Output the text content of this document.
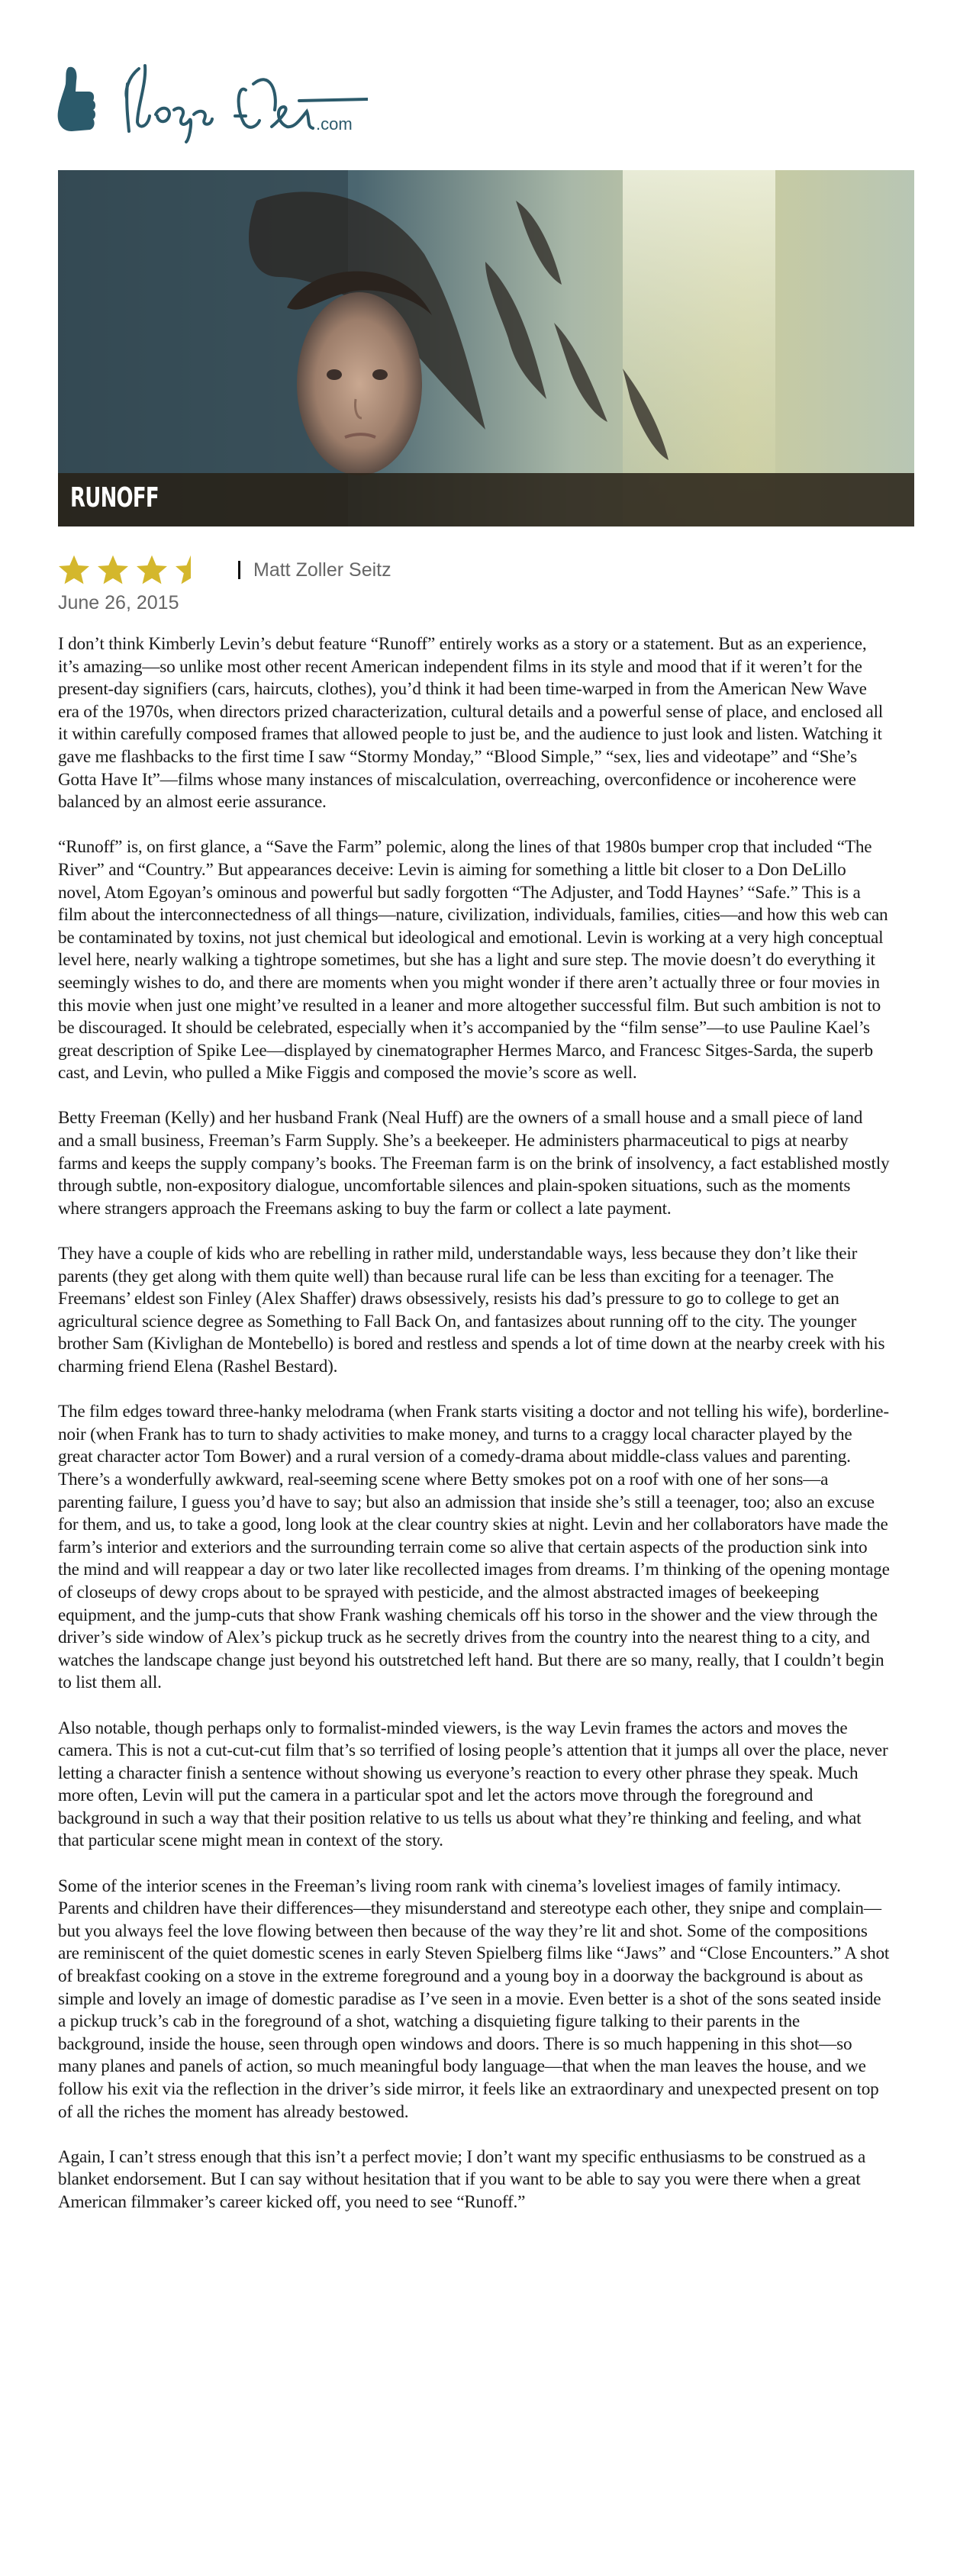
.com
RUNOFF
Matt Zoller Seitz
June 26, 2015

I don’t think Kimberly Levin’s debut feature “Runoff” entirely works as a story or a statement. But as an experience, it’s amazing—so unlike most other recent American independent films in its style and mood that if it weren’t for the present-day signifiers (cars, haircuts, clothes), you’d think it had been time-warped in from the American New Wave era of the 1970s, when directors prized characterization, cultural details and a powerful sense of place, and enclosed all it within carefully composed frames that allowed people to just be, and the audience to just look and listen. Watching it gave me flashbacks to the first time I saw “Stormy Monday,” “Blood Simple,” “sex, lies and videotape” and “She’s Gotta Have It”—films whose many instances of miscalculation, overreaching, overconfidence or incoherence were balanced by an almost eerie assurance.

“Runoff” is, on first glance, a “Save the Farm” polemic, along the lines of that 1980s bumper crop that included “The River” and “Country.” But appearances deceive: Levin is aiming for something a little bit closer to a Don DeLillo novel, Atom Egoyan’s ominous and powerful but sadly forgotten “The Adjuster, and Todd Haynes’ “Safe.” This is a film about the interconnectedness of all things—nature, civilization, individuals, families, cities—and how this web can be contaminated by toxins, not just chemical but ideological and emotional. Levin is working at a very high conceptual level here, nearly walking a tightrope sometimes, but she has a light and sure step. The movie doesn’t do everything it seemingly wishes to do, and there are moments when you might wonder if there aren’t actually three or four movies in this movie when just one might’ve resulted in a leaner and more altogether successful film. But such ambition is not to be discouraged. It should be celebrated, especially when it’s accompanied by the “film sense”—to use Pauline Kael’s great description of Spike Lee—displayed by cinematographer Hermes Marco, and Francesc Sitges-Sarda, the superb cast, and Levin, who pulled a Mike Figgis and composed the movie’s score as well.

Betty Freeman (Kelly) and her husband Frank (Neal Huff) are the owners of a small house and a small piece of land and a small business, Freeman’s Farm Supply. She’s a beekeeper. He administers pharmaceutical to pigs at nearby farms and keeps the supply company’s books. The Freeman farm is on the brink of insolvency, a fact established mostly through subtle, non-expository dialogue, uncomfortable silences and plain-spoken situations, such as the moments where strangers approach the Freemans asking to buy the farm or collect a late payment.

They have a couple of kids who are rebelling in rather mild, understandable ways, less because they don’t like their parents (they get along with them quite well) than because rural life can be less than exciting for a teenager. The Freemans’ eldest son Finley (Alex Shaffer) draws obsessively, resists his dad’s pressure to go to college to get an agricultural science degree as Something to Fall Back On, and fantasizes about running off to the city. The younger brother Sam (Kivlighan de Montebello) is bored and restless and spends a lot of time down at the nearby creek with his charming friend Elena (Rashel Bestard).

The film edges toward three-hanky melodrama (when Frank starts visiting a doctor and not telling his wife), borderline-noir (when Frank has to turn to shady activities to make money, and turns to a craggy local character played by the great character actor Tom Bower) and a rural version of a comedy-drama about middle-class values and parenting. There’s a wonderfully awkward, real-seeming scene where Betty smokes pot on a roof with one of her sons—a parenting failure, I guess you’d have to say; but also an admission that inside she’s still a teenager, too; also an excuse for them, and us, to take a good, long look at the clear country skies at night. Levin and her collaborators have made the farm’s interior and exteriors and the surrounding terrain come so alive that certain aspects of the production sink into the mind and will reappear a day or two later like recollected images from dreams. I’m thinking of the opening montage of closeups of dewy crops about to be sprayed with pesticide, and the almost abstracted images of beekeeping equipment, and the jump-cuts that show Frank washing chemicals off his torso in the shower and the view through the driver’s side window of Alex’s pickup truck as he secretly drives from the country into the nearest thing to a city, and watches the landscape change just beyond his outstretched left hand. But there are so many, really, that I couldn’t begin to list them all.

Also notable, though perhaps only to formalist-minded viewers, is the way Levin frames the actors and moves the camera. This is not a cut-cut-cut film that’s so terrified of losing people’s attention that it jumps all over the place, never letting a character finish a sentence without showing us everyone’s reaction to every other phrase they speak. Much more often, Levin will put the camera in a particular spot and let the actors move through the foreground and background in such a way that their position relative to us tells us about what they’re thinking and feeling, and what that particular scene might mean in context of the story.

Some of the interior scenes in the Freeman’s living room rank with cinema’s loveliest images of family intimacy. Parents and children have their differences—they misunderstand and stereotype each other, they snipe and complain—but you always feel the love flowing between then because of the way they’re lit and shot. Some of the compositions are reminiscent of the quiet domestic scenes in early Steven Spielberg films like “Jaws” and “Close Encounters.” A shot of breakfast cooking on a stove in the extreme foreground and a young boy in a doorway the background is about as simple and lovely an image of domestic paradise as I’ve seen in a movie. Even better is a shot of the sons seated inside a pickup truck’s cab in the foreground of a shot, watching a disquieting figure talking to their parents in the background, inside the house, seen through open windows and doors. There is so much happening in this shot—so many planes and panels of action, so much meaningful body language—that when the man leaves the house, and we follow his exit via the reflection in the driver’s side mirror, it feels like an extraordinary and unexpected present on top of all the riches the moment has already bestowed.

Again, I can’t stress enough that this isn’t a perfect movie; I don’t want my specific enthusiasms to be construed as a blanket endorsement. But I can say without hesitation that if you want to be able to say you were there when a great American filmmaker’s career kicked off, you need to see “Runoff.”
